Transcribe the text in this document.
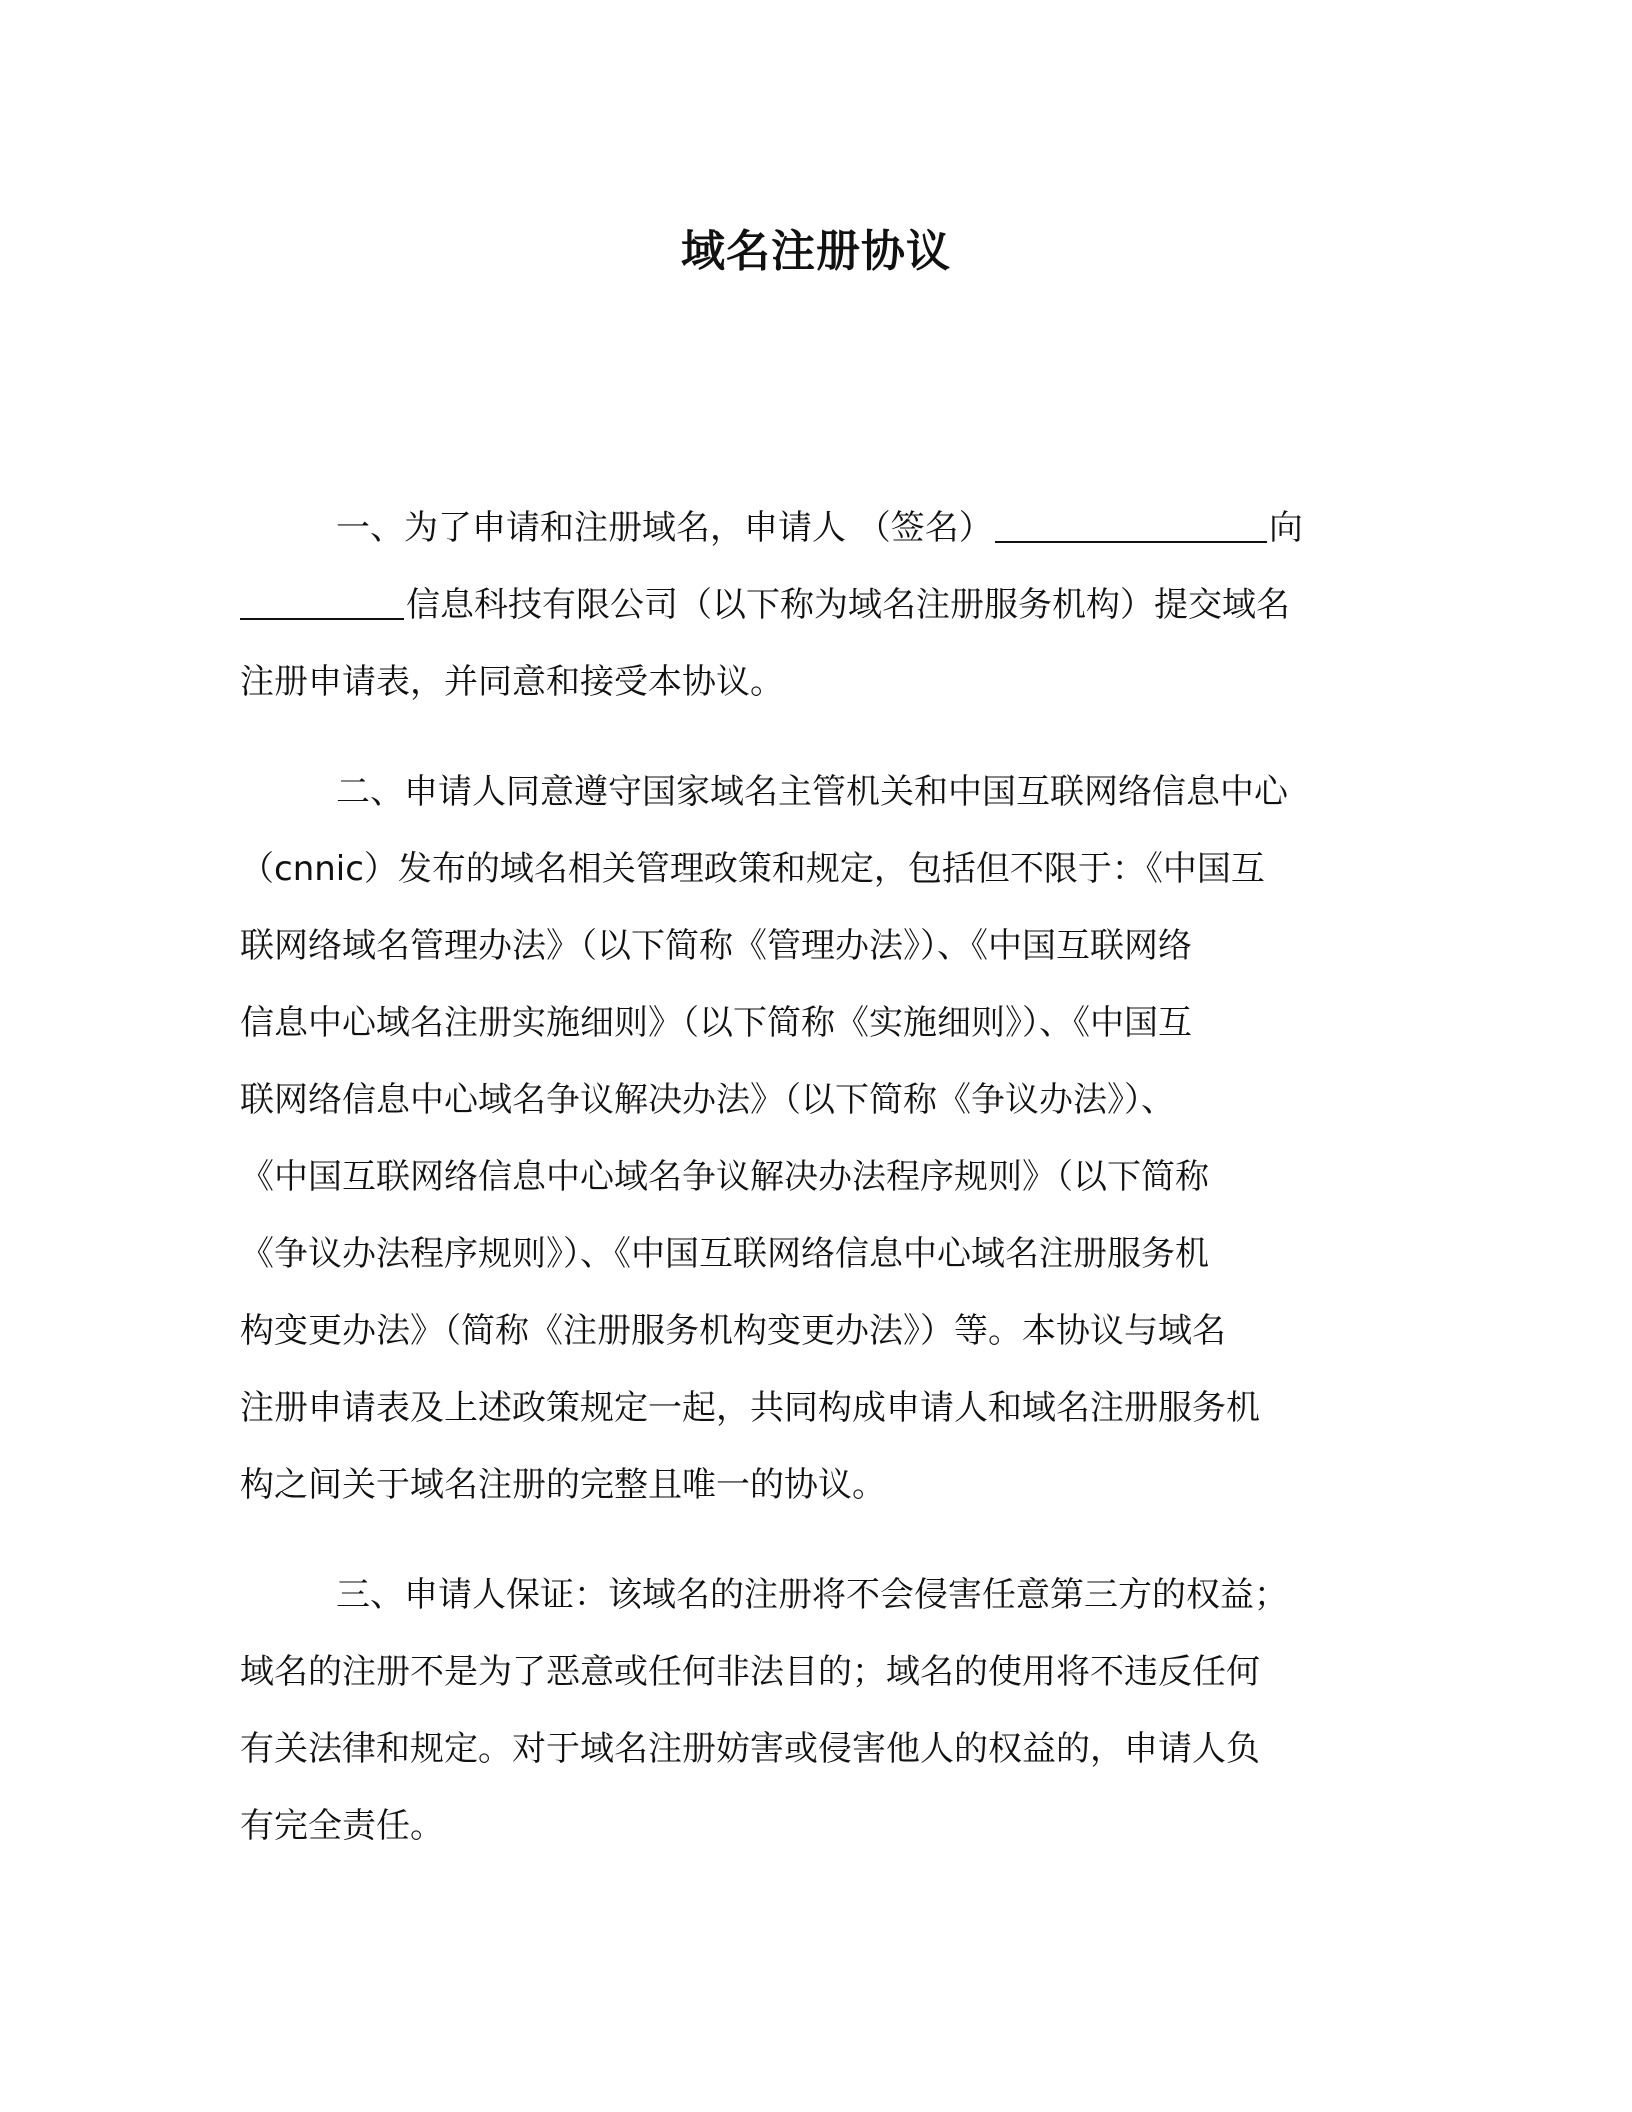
域名注册协议

一、为了申请和注册域名，申请人 （签名）	向
信息科技有限公司（以下称为域名注册服务机构）提交域名
注册申请表，并同意和接受本协议。

二、申请人同意遵守国家域名主管机关和中国互联网络信息中心
（cnnic）发布的域名相关管理政策和规定，包括但不限于：《中国互
联网络域名管理办法》（以下简称《管理办法》）、《中国互联网络
信息中心域名注册实施细则》（以下简称《实施细则》）、《中国互
联网络信息中心域名争议解决办法》（以下简称《争议办法》）、
《中国互联网络信息中心域名争议解决办法程序规则》（以下简称
《争议办法程序规则》）、《中国互联网络信息中心域名注册服务机
构变更办法》（简称《注册服务机构变更办法》）等。本协议与域名
注册申请表及上述政策规定一起，共同构成申请人和域名注册服务机
构之间关于域名注册的完整且唯一的协议。

三、申请人保证：该域名的注册将不会侵害任意第三方的权益；
域名的注册不是为了恶意或任何非法目的；域名的使用将不违反任何
有关法律和规定。对于域名注册妨害或侵害他人的权益的，申请人负
有完全责任。
